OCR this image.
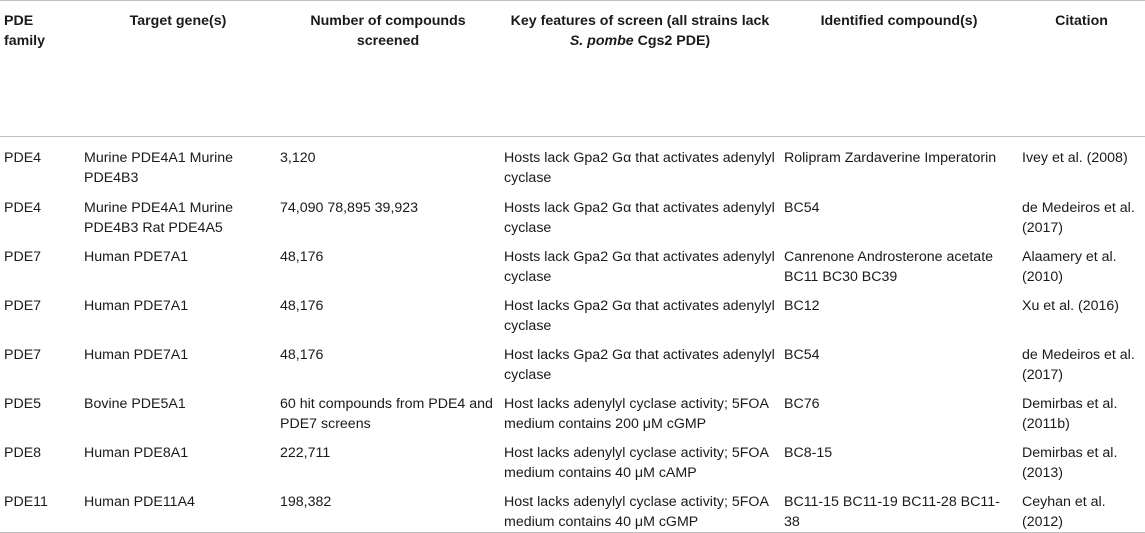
PDE family	Target gene(s)	Number of compounds screened	Key features of screen (all strains lack S. pombe Cgs2 PDE)	Identified compound(s)	Citation
PDE4	Murine PDE4A1 Murine PDE4B3	3,120	Hosts lack Gpa2 Gα that activates adenylyl cyclase	Rolipram Zardaverine Imperatorin	Ivey et al. (2008)
PDE4	Murine PDE4A1 Murine PDE4B3 Rat PDE4A5	74,090 78,895 39,923	Hosts lack Gpa2 Gα that activates adenylyl cyclase	BC54	de Medeiros et al. (2017)
PDE7	Human PDE7A1	48,176	Hosts lack Gpa2 Gα that activates adenylyl cyclase	Canrenone Androsterone acetate BC11 BC30 BC39	Alaamery et al. (2010)
PDE7	Human PDE7A1	48,176	Host lacks Gpa2 Gα that activates adenylyl cyclase	BC12	Xu et al. (2016)
PDE7	Human PDE7A1	48,176	Host lacks Gpa2 Gα that activates adenylyl cyclase	BC54	de Medeiros et al. (2017)
PDE5	Bovine PDE5A1	60 hit compounds from PDE4 and PDE7 screens	Host lacks adenylyl cyclase activity; 5FOA medium contains 200 μM cGMP	BC76	Demirbas et al. (2011b)
PDE8	Human PDE8A1	222,711	Host lacks adenylyl cyclase activity; 5FOA medium contains 40 μM cAMP	BC8-15	Demirbas et al. (2013)
PDE11	Human PDE11A4	198,382	Host lacks adenylyl cyclase activity; 5FOA medium contains 40 μM cGMP	BC11-15 BC11-19 BC11-28 BC11-38	Ceyhan et al. (2012)
